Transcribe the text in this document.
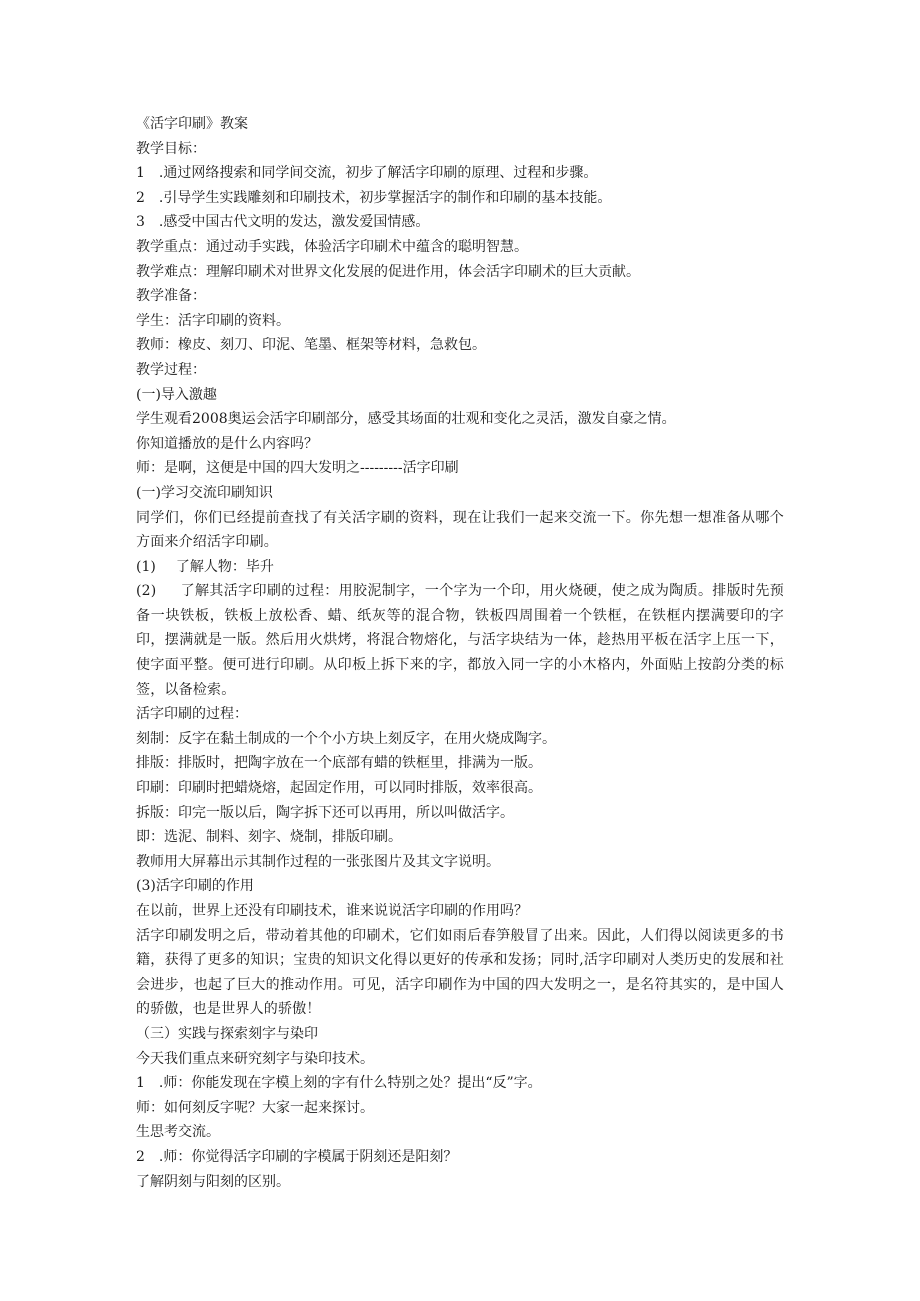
《活字印刷》教案

教学目标：

1 .通过网络搜索和同学间交流，初步了解活字印刷的原理、过程和步骤。

2 .引导学生实践雕刻和印刷技术，初步掌握活字的制作和印刷的基本技能。

3 .感受中国古代文明的发达，激发爱国情感。

教学重点：通过动手实践，体验活字印刷术中蕴含的聪明智慧。

教学难点：理解印刷术对世界文化发展的促进作用，体会活字印刷术的巨大贡献。

教学准备：

学生：活字印刷的资料。

教师：橡皮、刻刀、印泥、笔墨、框架等材料，急救包。

教学过程：

(一)导入激趣

学生观看2008奥运会活字印刷部分，感受其场面的壮观和变化之灵活，激发自豪之情。

你知道播放的是什么内容吗？

师：是啊，这便是中国的四大发明之---------活字印刷

(一)学习交流印刷知识

同学们，你们已经提前查找了有关活字刷的资料，现在让我们一起来交流一下。你先想一想准备从哪个方面来介绍活字印刷。

(1) 了解人物：毕升

(2) 了解其活字印刷的过程：用胶泥制字，一个字为一个印，用火烧硬，使之成为陶质。排版时先预备一块铁板，铁板上放松香、蜡、纸灰等的混合物，铁板四周围着一个铁框，在铁框内摆满要印的字印，摆满就是一版。然后用火烘烤，将混合物熔化，与活字块结为一体，趁热用平板在活字上压一下，使字面平整。便可进行印刷。从印板上拆下来的字，都放入同一字的小木格内，外面贴上按韵分类的标签，以备检索。

活字印刷的过程：

刻制：反字在黏土制成的一个个小方块上刻反字，在用火烧成陶字。

排版：排版时，把陶字放在一个底部有蜡的铁框里，排满为一版。

印刷：印刷时把蜡烧熔，起固定作用，可以同时排版，效率很高。

拆版：印完一版以后，陶字拆下还可以再用，所以叫做活字。

即：选泥、制料、刻字、烧制，排版印刷。

教师用大屏幕出示其制作过程的一张张图片及其文字说明。

(3)活字印刷的作用

在以前，世界上还没有印刷技术，谁来说说活字印刷的作用吗？

活字印刷发明之后，带动着其他的印刷术，它们如雨后春笋般冒了出来。因此，人们得以阅读更多的书籍，获得了更多的知识；宝贵的知识文化得以更好的传承和发扬；同时,活字印刷对人类历史的发展和社会进步，也起了巨大的推动作用。可见，活字印刷作为中国的四大发明之一，是名符其实的，是中国人的骄傲，也是世界人的骄傲！

（三）实践与探索刻字与染印

今天我们重点来研究刻字与染印技术。

1 .师：你能发现在字模上刻的字有什么特别之处？提出“反”字。

师：如何刻反字呢？大家一起来探讨。

生思考交流。

2 .师：你觉得活字印刷的字模属于阴刻还是阳刻？

了解阴刻与阳刻的区别。
